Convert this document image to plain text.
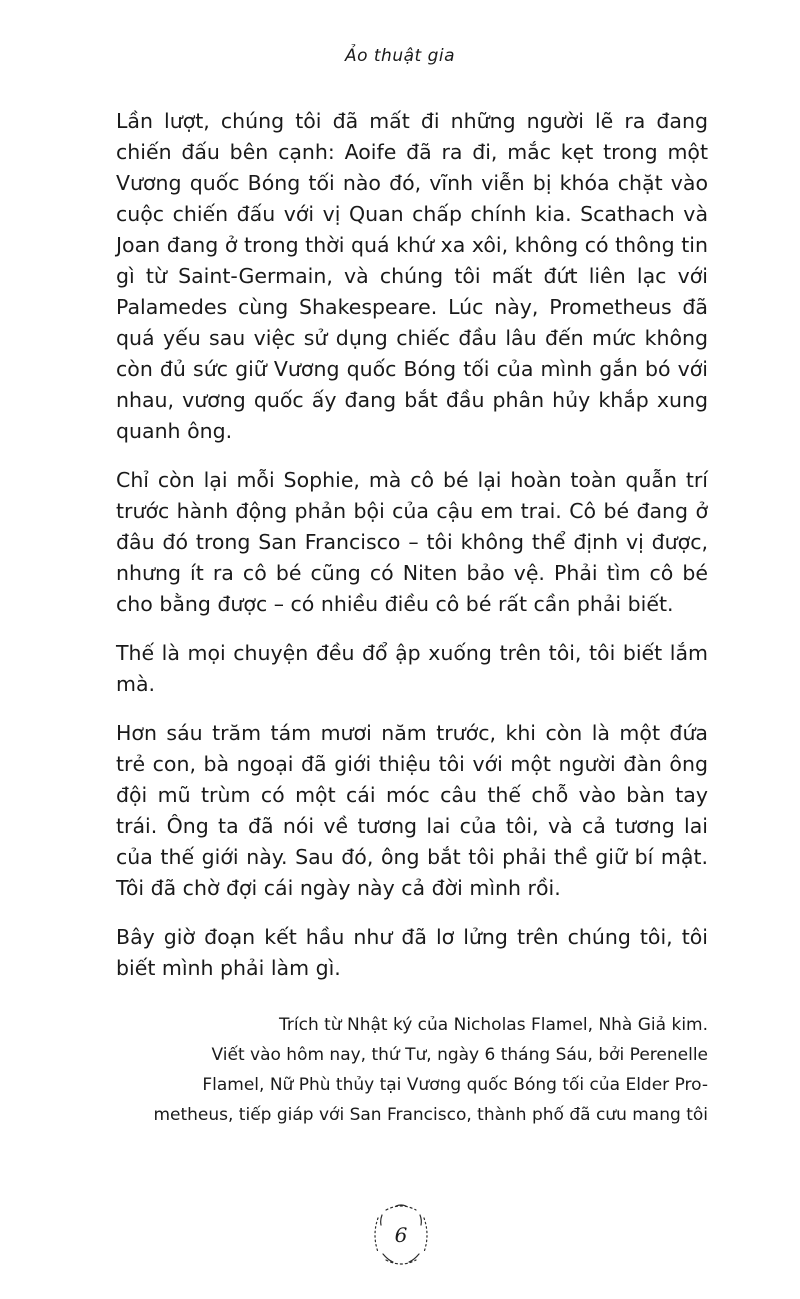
Ảo thuật gia

Lần lượt, chúng tôi đã mất đi những người lẽ ra đang chiến đấu bên cạnh: Aoife đã ra đi, mắc kẹt trong một Vương quốc Bóng tối nào đó, vĩnh viễn bị khóa chặt vào cuộc chiến đấu với vị Quan chấp chính kia. Scathach và Joan đang ở trong thời quá khứ xa xôi, không có thông tin gì từ Saint-Germain, và chúng tôi mất đứt liên lạc với Palamedes cùng Shakespeare. Lúc này, Prometheus đã quá yếu sau việc sử dụng chiếc đầu lâu đến mức không còn đủ sức giữ Vương quốc Bóng tối của mình gắn bó với nhau, vương quốc ấy đang bắt đầu phân hủy khắp xung quanh ông.

Chỉ còn lại mỗi Sophie, mà cô bé lại hoàn toàn quẫn trí trước hành động phản bội của cậu em trai. Cô bé đang ở đâu đó trong San Francisco – tôi không thể định vị được, nhưng ít ra cô bé cũng có Niten bảo vệ. Phải tìm cô bé cho bằng được – có nhiều điều cô bé rất cần phải biết.

Thế là mọi chuyện đều đổ ập xuống trên tôi, tôi biết lắm mà.

Hơn sáu trăm tám mươi năm trước, khi còn là một đứa trẻ con, bà ngoại đã giới thiệu tôi với một người đàn ông đội mũ trùm có một cái móc câu thế chỗ vào bàn tay trái. Ông ta đã nói về tương lai của tôi, và cả tương lai của thế giới này. Sau đó, ông bắt tôi phải thề giữ bí mật. Tôi đã chờ đợi cái ngày này cả đời mình rồi.

Bây giờ đoạn kết hầu như đã lơ lửng trên chúng tôi, tôi biết mình phải làm gì.

Trích từ Nhật ký của Nicholas Flamel, Nhà Giả kim.
Viết vào hôm nay, thứ Tư, ngày 6 tháng Sáu, bởi Perenelle
Flamel, Nữ Phù thủy tại Vương quốc Bóng tối của Elder Pro-
metheus, tiếp giáp với San Francisco, thành phố đã cưu mang tôi
6
